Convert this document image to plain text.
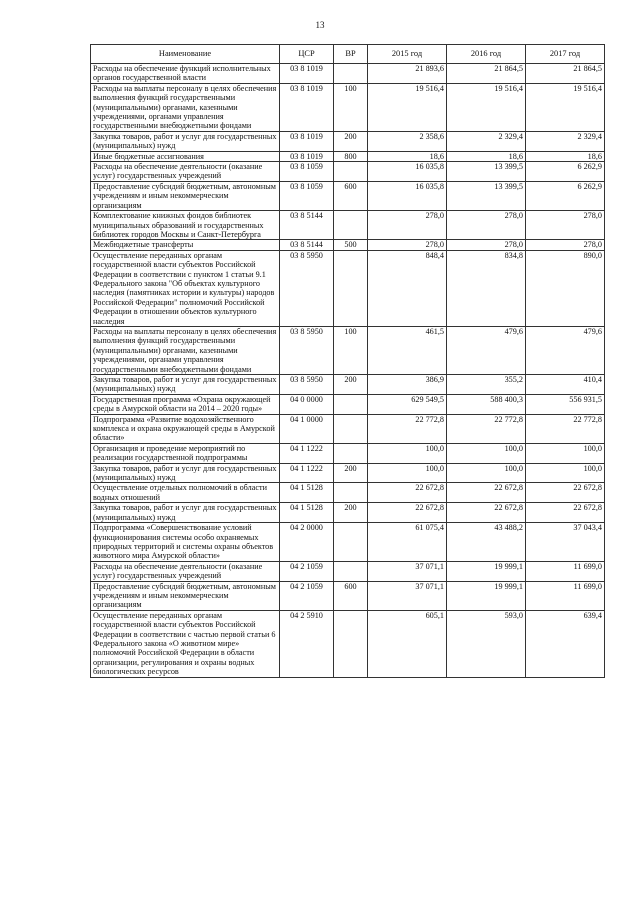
13
Наименование	ЦСР	ВР	2015 год	2016 год	2017 год
Расходы на обеспечение функций исполнительных органов государственной власти	03 8 1019		21 893,6	21 864,5	21 864,5
Расходы на выплаты персоналу в целях обеспечения выполнения функций государственными (муниципальными) органами, казенными учреждениями, органами управления государственными внебюджетными фондами	03 8 1019	100	19 516,4	19 516,4	19 516,4
Закупка товаров, работ и услуг для государственных (муниципальных) нужд	03 8 1019	200	2 358,6	2 329,4	2 329,4
Иные бюджетные ассигнования	03 8 1019	800	18,6	18,6	18,6
Расходы на обеспечение деятельности (оказание услуг) государственных учреждений	03 8 1059		16 035,8	13 399,5	6 262,9
Предоставление субсидий бюджетным, автономным учреждениям и иным некоммерческим организациям	03 8 1059	600	16 035,8	13 399,5	6 262,9
Комплектование книжных фондов библиотек муниципальных образований и государственных библиотек городов Москвы и Санкт-Петербурга	03 8 5144		278,0	278,0	278,0
Межбюджетные трансферты	03 8 5144	500	278,0	278,0	278,0
Осуществление переданных органам государственной власти субъектов Российской Федерации в соответствии с пунктом 1 статьи 9.1 Федерального закона "Об объектах культурного наследия (памятниках истории и культуры) народов Российской Федерации" полномочий Российской Федерации в отношении объектов культурного наследия	03 8 5950		848,4	834,8	890,0
Расходы на выплаты персоналу в целях обеспечения выполнения функций государственными (муниципальными) органами, казенными учреждениями, органами управления государственными внебюджетными фондами	03 8 5950	100	461,5	479,6	479,6
Закупка товаров, работ и услуг для государственных (муниципальных) нужд	03 8 5950	200	386,9	355,2	410,4
Государственная программа «Охрана окружающей среды в Амурской области на 2014 – 2020 годы»	04 0 0000		629 549,5	588 400,3	556 931,5
Подпрограмма «Развитие водохозяйственного комплекса и охрана окружающей среды в Амурской области»	04 1 0000		22 772,8	22 772,8	22 772,8
Организация и проведение мероприятий по реализации государственной подпрограммы	04 1 1222		100,0	100,0	100,0
Закупка товаров, работ и услуг для государственных (муниципальных) нужд	04 1 1222	200	100,0	100,0	100,0
Осуществление отдельных полномочий в области водных отношений	04 1 5128		22 672,8	22 672,8	22 672,8
Закупка товаров, работ и услуг для государственных (муниципальных) нужд	04 1 5128	200	22 672,8	22 672,8	22 672,8
Подпрограмма «Совершенствование условий функционирования системы особо охраняемых природных территорий и системы охраны объектов животного мира Амурской области»	04 2 0000		61 075,4	43 488,2	37 043,4
Расходы на обеспечение деятельности (оказание услуг) государственных учреждений	04 2 1059		37 071,1	19 999,1	11 699,0
Предоставление субсидий бюджетным, автономным учреждениям и иным некоммерческим организациям	04 2 1059	600	37 071,1	19 999,1	11 699,0
Осуществление переданных органам государственной власти субъектов Российской Федерации в соответствии с частью первой статьи 6 Федерального закона «О животном мире» полномочий Российской Федерации в области организации, регулирования и охраны водных биологических ресурсов	04 2 5910		605,1	593,0	639,4
